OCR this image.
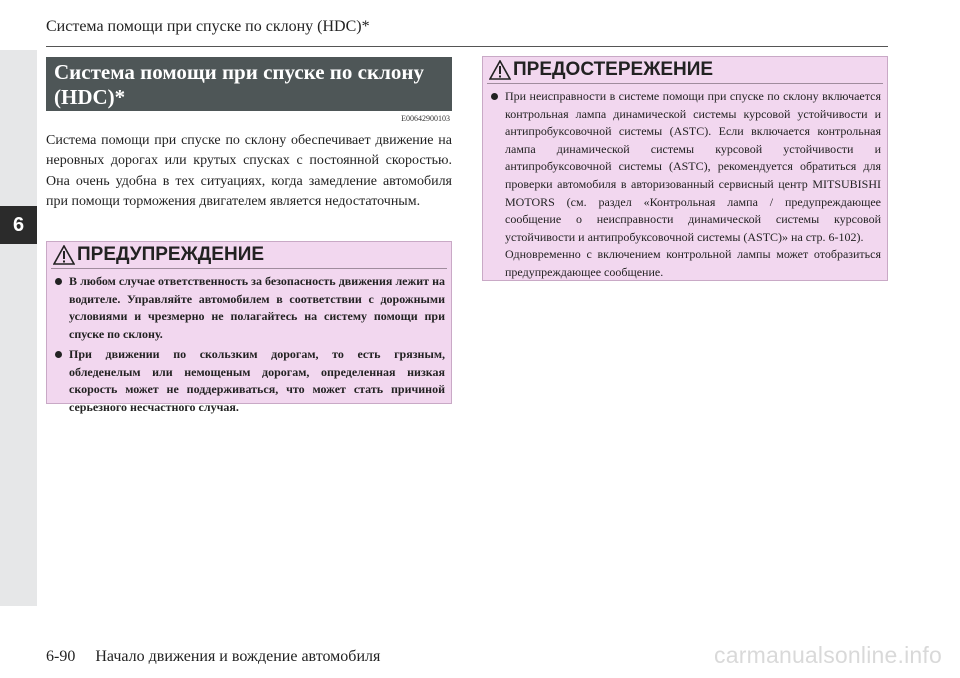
6
Система помощи при спуске по склону (HDC)*
Система помощи при спуске по склону (HDC)*
E00642900103
Система помощи при спуске по склону обеспечивает движение на неровных дорогах или крутых спусках с постоянной скоростью. Она очень удобна в тех ситуациях, когда замедление автомобиля при помощи торможения двигателем является недостаточным.
ПРЕДУПРЕЖДЕНИЕ
В любом случае ответственность за безопасность движения лежит на водителе. Управляйте автомобилем в соответствии с дорожными условиями и чрезмерно не полагайтесь на систему помощи при спуске по склону.
При движении по скользким дорогам, то есть грязным, обледенелым или немощеным дорогам, определенная низкая скорость может не поддерживаться, что может стать причиной серьезного несчастного случая.
ПРЕДОСТЕРЕЖЕНИЕ
При неисправности в системе помощи при спуске по склону включается контрольная лампа динамической системы курсовой устойчивости и антипробуксовочной системы (ASTC). Если включается контрольная лампа динамической системы курсовой устойчивости и антипробуксовочной системы (ASTC), рекомендуется обратиться для проверки автомобиля в авторизованный сервисный центр MITSUBISHI MOTORS (см. раздел «Контрольная лампа / предупреждающее сообщение о неисправности динамической системы курсовой устойчивости и антипробуксовочной системы (ASTC)» на стр. 6-102).

Одновременно с включением контрольной лампы может отобразиться предупреждающее сообщение.

6-90 Начало движения и вождение автомобиля	carmanualsonline.info
